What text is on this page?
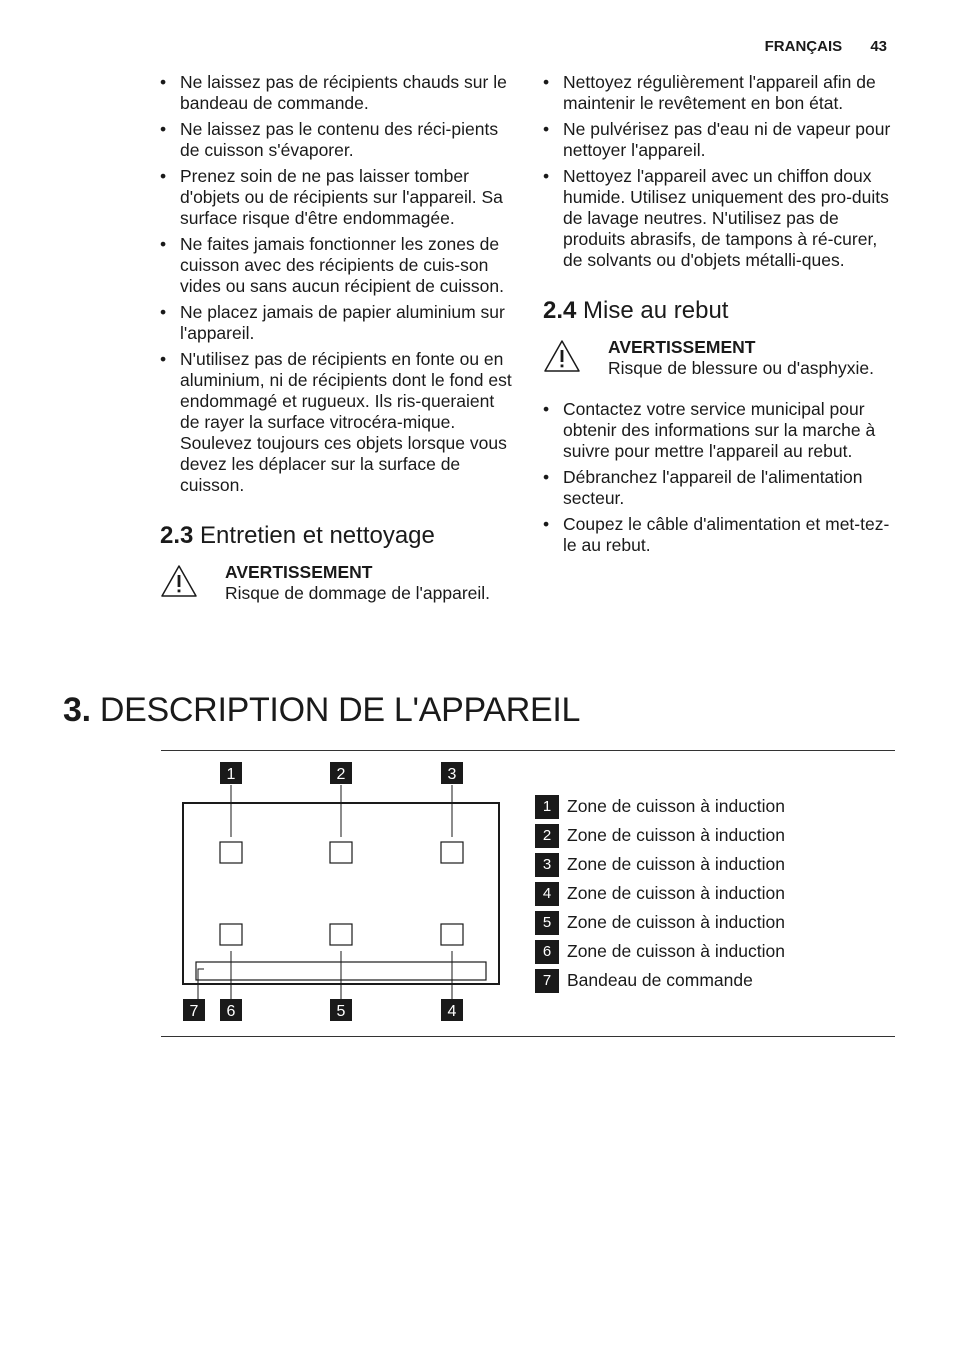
FRANÇAIS 43
• Ne laissez pas de récipients chauds sur le bandeau de commande.
• Ne laissez pas le contenu des réci-pients de cuisson s'évaporer.
• Prenez soin de ne pas laisser tomber d'objets ou de récipients sur l'appareil. Sa surface risque d'être endommagée.
• Ne faites jamais fonctionner les zones de cuisson avec des récipients de cuis-son vides ou sans aucun récipient de cuisson.
• Ne placez jamais de papier aluminium sur l'appareil.
• N'utilisez pas de récipients en fonte ou en aluminium, ni de récipients dont le fond est endommagé et rugueux. Ils ris-queraient de rayer la surface vitrocéra-mique. Soulevez toujours ces objets lorsque vous devez les déplacer sur la surface de cuisson.
2.3 Entretien et nettoyage
AVERTISSEMENT
Risque de dommage de l'appareil.
• Nettoyez régulièrement l'appareil afin de maintenir le revêtement en bon état.
• Ne pulvérisez pas d'eau ni de vapeur pour nettoyer l'appareil.
• Nettoyez l'appareil avec un chiffon doux humide. Utilisez uniquement des pro-duits de lavage neutres. N'utilisez pas de produits abrasifs, de tampons à ré-curer, de solvants ou d'objets métalli-ques.
2.4 Mise au rebut
AVERTISSEMENT
Risque de blessure ou d'asphyxie.
• Contactez votre service municipal pour obtenir des informations sur la marche à suivre pour mettre l'appareil au rebut.
• Débranchez l'appareil de l'alimentation secteur.
• Coupez le câble d'alimentation et met-tez-le au rebut.
3. DESCRIPTION DE L'APPAREIL
1	2	3
7 6	5	4
1 Zone de cuisson à induction
2 Zone de cuisson à induction
3 Zone de cuisson à induction
4 Zone de cuisson à induction
5 Zone de cuisson à induction
6 Zone de cuisson à induction
7 Bandeau de commande
